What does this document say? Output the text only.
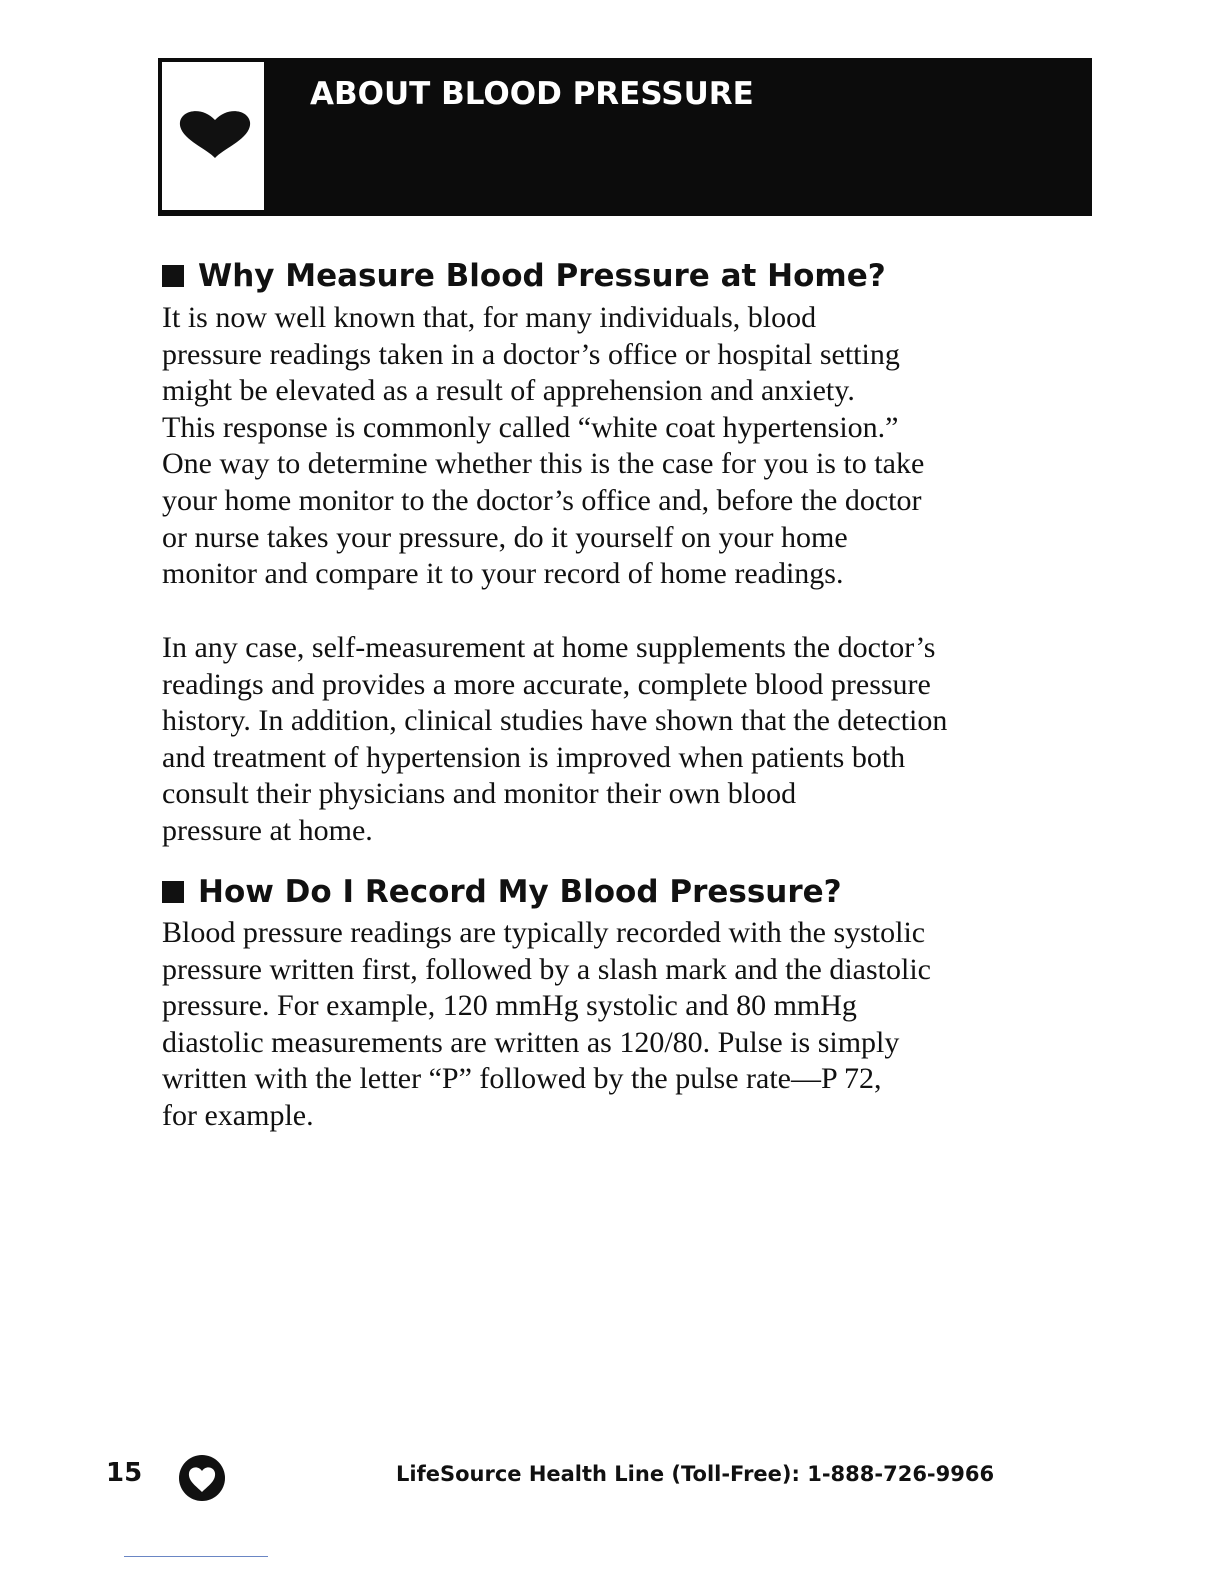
ABOUT BLOOD PRESSURE
Why Measure Blood Pressure at Home?

It is now well known that, for many individuals, blood
pressure readings taken in a doctor’s office or hospital setting
might be elevated as a result of apprehension and anxiety.
This response is commonly called “white coat hypertension.”
One way to determine whether this is the case for you is to take
your home monitor to the doctor’s office and, before the doctor
or nurse takes your pressure, do it yourself on your home
monitor and compare it to your record of home readings.

In any case, self-measurement at home supplements the doctor’s
readings and provides a more accurate, complete blood pressure
history. In addition, clinical studies have shown that the detection
and treatment of hypertension is improved when patients both
consult their physicians and monitor their own blood
pressure at home.

How Do I Record My Blood Pressure?

Blood pressure readings are typically recorded with the systolic
pressure written first, followed by a slash mark and the diastolic
pressure. For example, 120 mmHg systolic and 80 mmHg
diastolic measurements are written as 120/80. Pulse is simply
written with the letter “P” followed by the pulse rate—P 72,
for example.

15	LifeSource Health Line (Toll-Free): 1-888-726-9966
